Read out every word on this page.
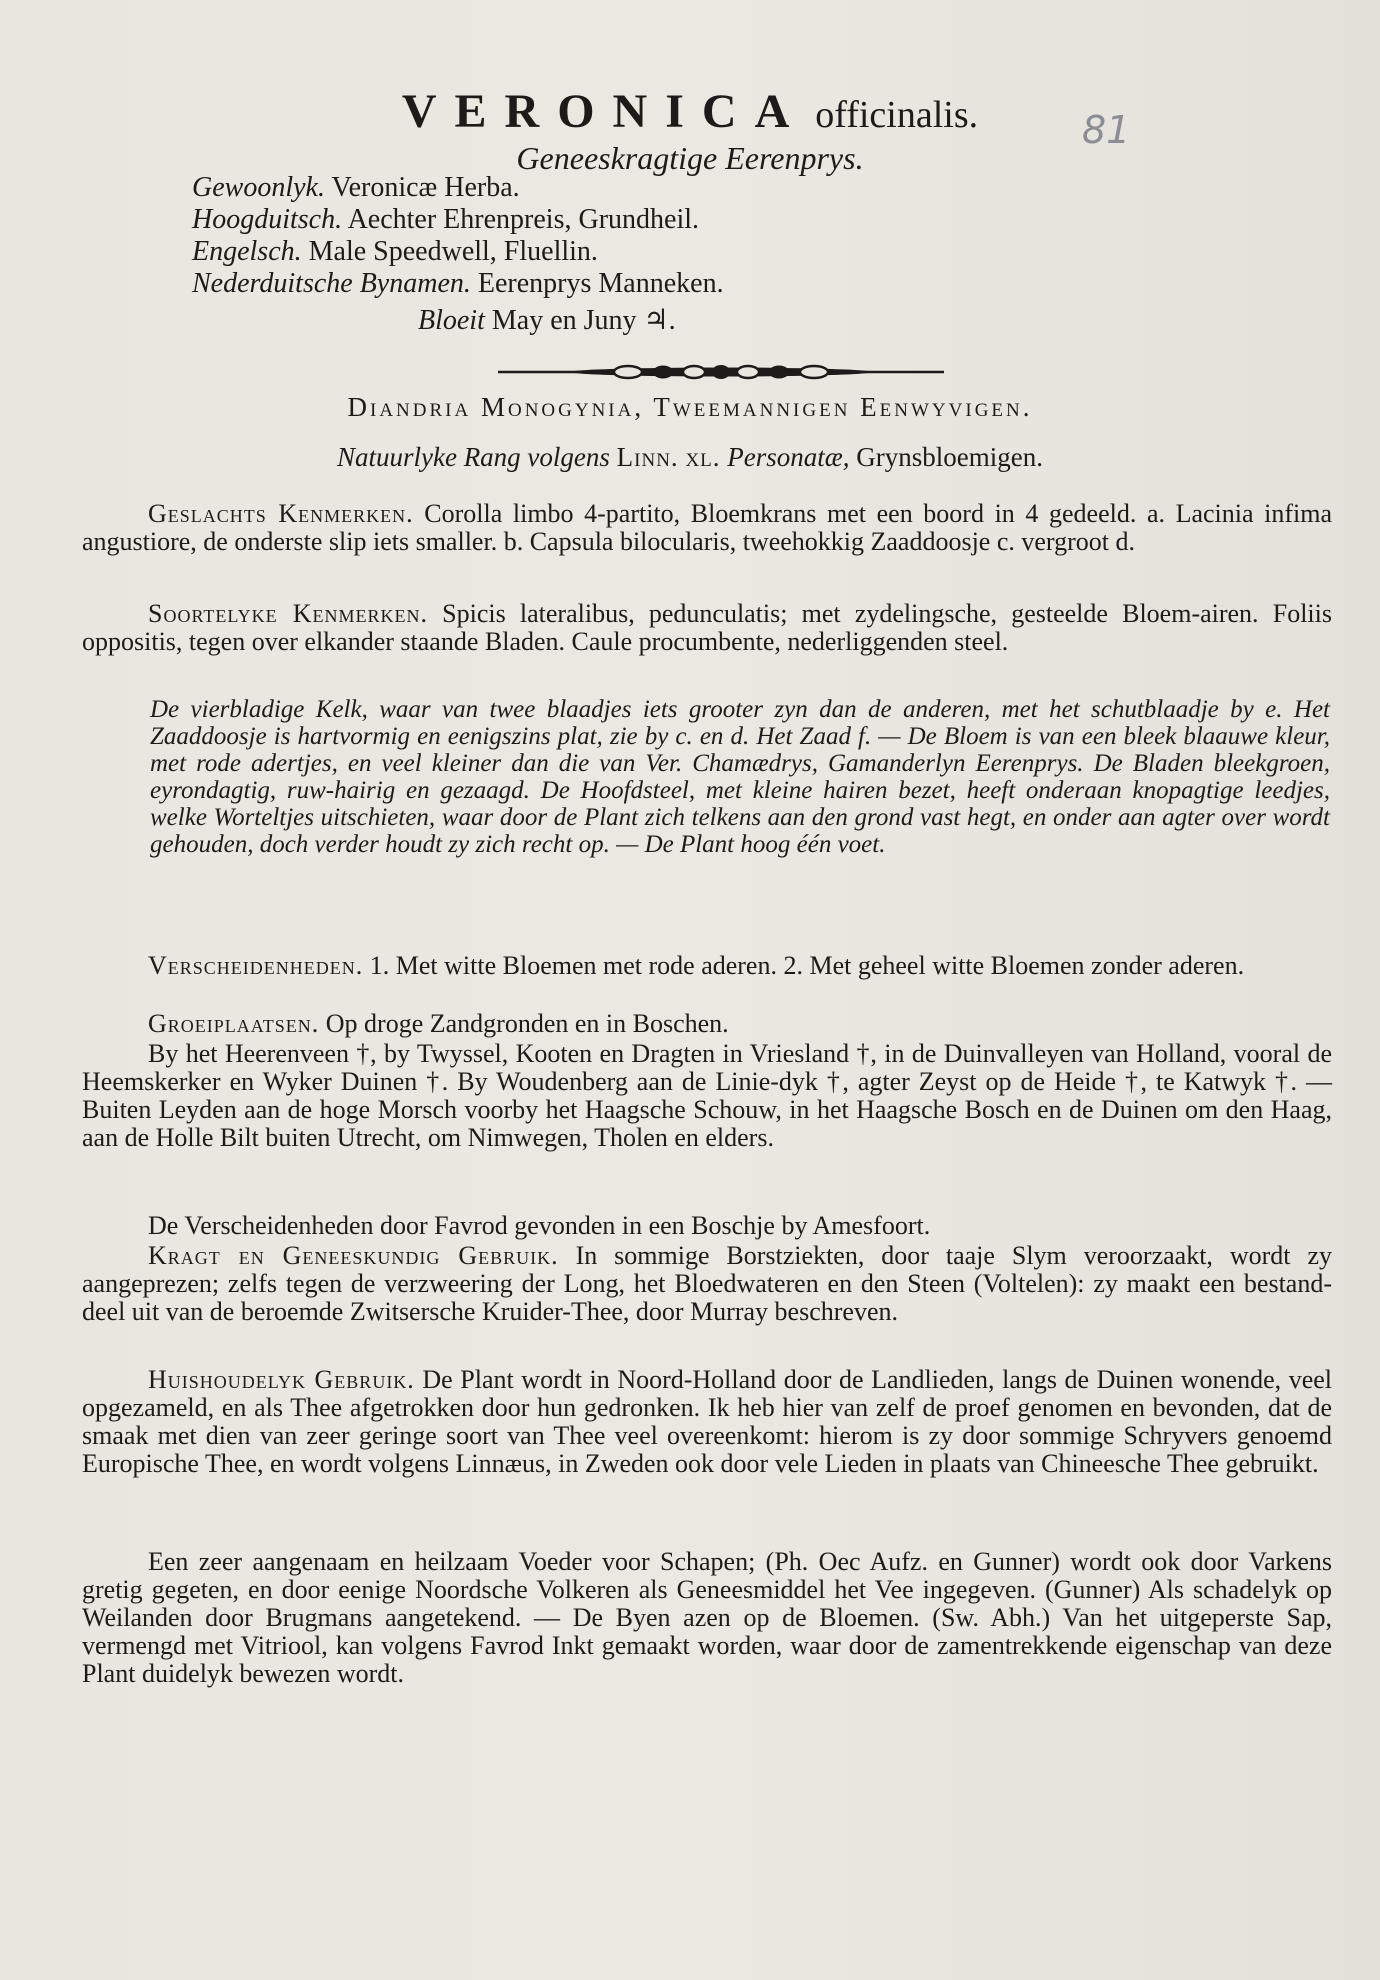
VERONICA officinalis.	81
Geneeskragtige Eerenprys.
Gewoonlyk. Veronicæ Herba.
Hoogduitsch. Aechter Ehrenpreis, Grundheil.
Engelsch. Male Speedwell, Fluellin.
Nederduitsche Bynamen. Eerenprys Manneken.
Bloeit May en Juny ♃.
Diandria Monogynia, Tweemannigen Eenwyvigen.
Natuurlyke Rang volgens Linn. xl. Personatæ, Grynsbloemigen.

Geslachts Kenmerken. Corolla limbo 4-partito, Bloemkrans met een boord in 4 gedeeld. a. Lacinia infima angustiore, de onderste slip iets smaller. b. Capsula bilocularis, tweehokkig Zaaddoosje c. vergroot d.

Soortelyke Kenmerken. Spicis lateralibus, pedunculatis; met zydelingsche, gesteelde Bloem-airen. Foliis oppositis, tegen over elkander staande Bladen. Caule procumbente, nederliggenden steel.

De vierbladige Kelk, waar van twee blaadjes iets grooter zyn dan de anderen, met het schutblaadje by e. Het Zaaddoosje is hartvormig en eenigszins plat, zie by c. en d. Het Zaad f. — De Bloem is van een bleek blaauwe kleur, met rode adertjes, en veel kleiner dan die van Ver. Chamædrys, Gamanderlyn Eerenprys. De Bladen bleekgroen, eyrondagtig, ruw-hairig en gezaagd. De Hoofdsteel, met kleine hairen bezet, heeft onderaan knopagtige leedjes, welke Worteltjes uitschieten, waar door de Plant zich telkens aan den grond vast hegt, en onder aan agter over wordt gehouden, doch verder houdt zy zich recht op. — De Plant hoog één voet.

Verscheidenheden. 1. Met witte Bloemen met rode aderen. 2. Met geheel witte Bloemen zonder aderen.

Groeiplaatsen. Op droge Zandgronden en in Boschen.

By het Heerenveen †, by Twyssel, Kooten en Dragten in Vriesland †, in de Duinvalleyen van Holland, vooral de Heemskerker en Wyker Duinen †. By Woudenberg aan de Linie-dyk †, agter Zeyst op de Heide †, te Katwyk †. — Buiten Leyden aan de hoge Morsch voorby het Haagsche Schouw, in het Haagsche Bosch en de Duinen om den Haag, aan de Holle Bilt buiten Utrecht, om Nimwegen, Tholen en elders.

De Verscheidenheden door Favrod gevonden in een Boschje by Amesfoort.

Kragt en Geneeskundig Gebruik. In sommige Borstziekten, door taaje Slym veroorzaakt, wordt zy aangeprezen; zelfs tegen de verzweering der Long, het Bloedwateren en den Steen (Voltelen): zy maakt een bestand-deel uit van de beroemde Zwitsersche Kruider-Thee, door Murray beschreven.

Huishoudelyk Gebruik. De Plant wordt in Noord-Holland door de Landlieden, langs de Duinen wonende, veel opgezameld, en als Thee afgetrokken door hun gedronken. Ik heb hier van zelf de proef genomen en bevonden, dat de smaak met dien van zeer geringe soort van Thee veel overeenkomt: hierom is zy door sommige Schryvers genoemd Europische Thee, en wordt volgens Linnæus, in Zweden ook door vele Lieden in plaats van Chineesche Thee gebruikt.

Een zeer aangenaam en heilzaam Voeder voor Schapen; (Ph. Oec Aufz. en Gunner) wordt ook door Varkens gretig gegeten, en door eenige Noordsche Volkeren als Geneesmiddel het Vee ingegeven. (Gunner) Als schadelyk op Weilanden door Brugmans aangetekend. — De Byen azen op de Bloemen. (Sw. Abh.) Van het uitgeperste Sap, vermengd met Vitriool, kan volgens Favrod Inkt gemaakt worden, waar door de zamentrekkende eigenschap van deze Plant duidelyk bewezen wordt.
